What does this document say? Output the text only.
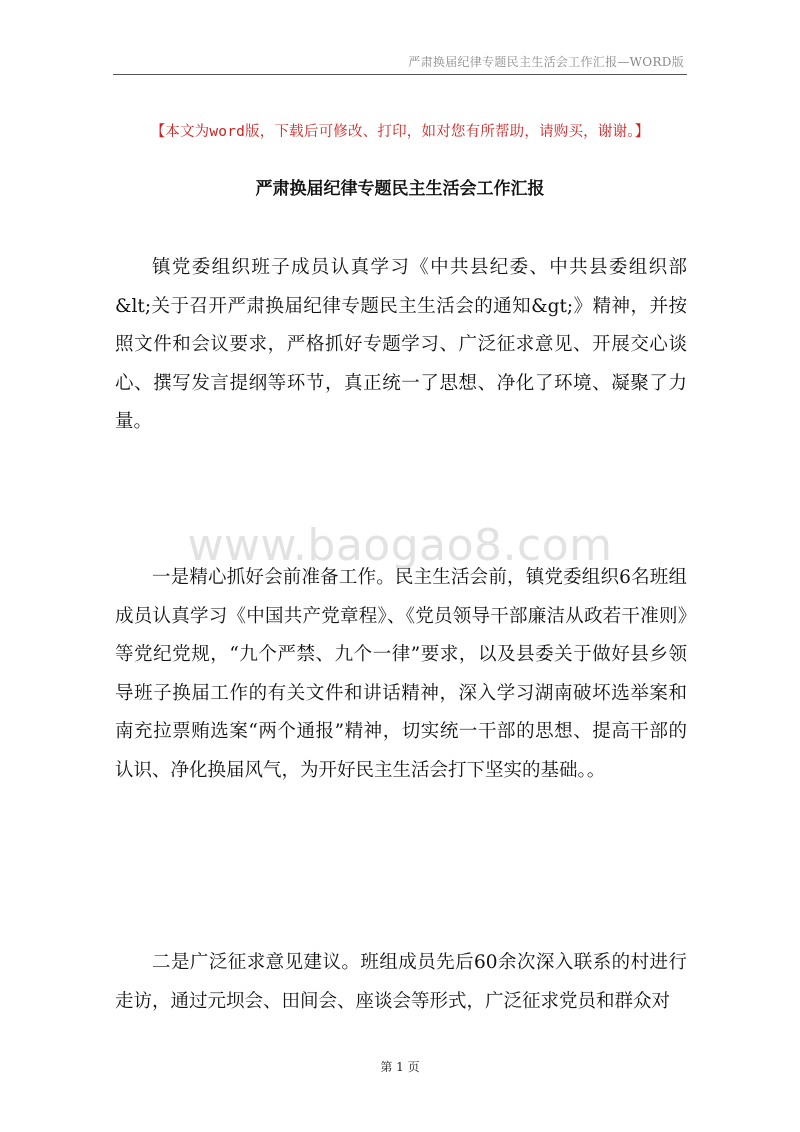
严肃换届纪律专题民主生活会工作汇报—WORD版
【本文为word版，下载后可修改、打印，如对您有所帮助，请购买，谢谢。】
严肃换届纪律专题民主生活会工作汇报

镇党委组织班子成员认真学习《中共县纪委、中共县委组织部&lt;关于召开严肃换届纪律专题民主生活会的通知&gt;》精神，并按照文件和会议要求，严格抓好专题学习、广泛征求意见、开展交心谈心、撰写发言提纲等环节，真正统一了思想、净化了环境、凝聚了力量。

www.baogao8.com

一是精心抓好会前准备工作。民主生活会前，镇党委组织6名班组成员认真学习《中国共产党章程》、《党员领导干部廉洁从政若干准则》等党纪党规，“九个严禁、九个一律”要求，以及县委关于做好县乡领导班子换届工作的有关文件和讲话精神，深入学习湖南破坏选举案和南充拉票贿选案“两个通报”精神，切实统一干部的思想、提高干部的认识、净化换届风气，为开好民主生活会打下坚实的基础。。

二是广泛征求意见建议。班组成员先后60余次深入联系的村进行走访，通过元坝会、田间会、座谈会等形式，广泛征求党员和群众对

第 1 页
